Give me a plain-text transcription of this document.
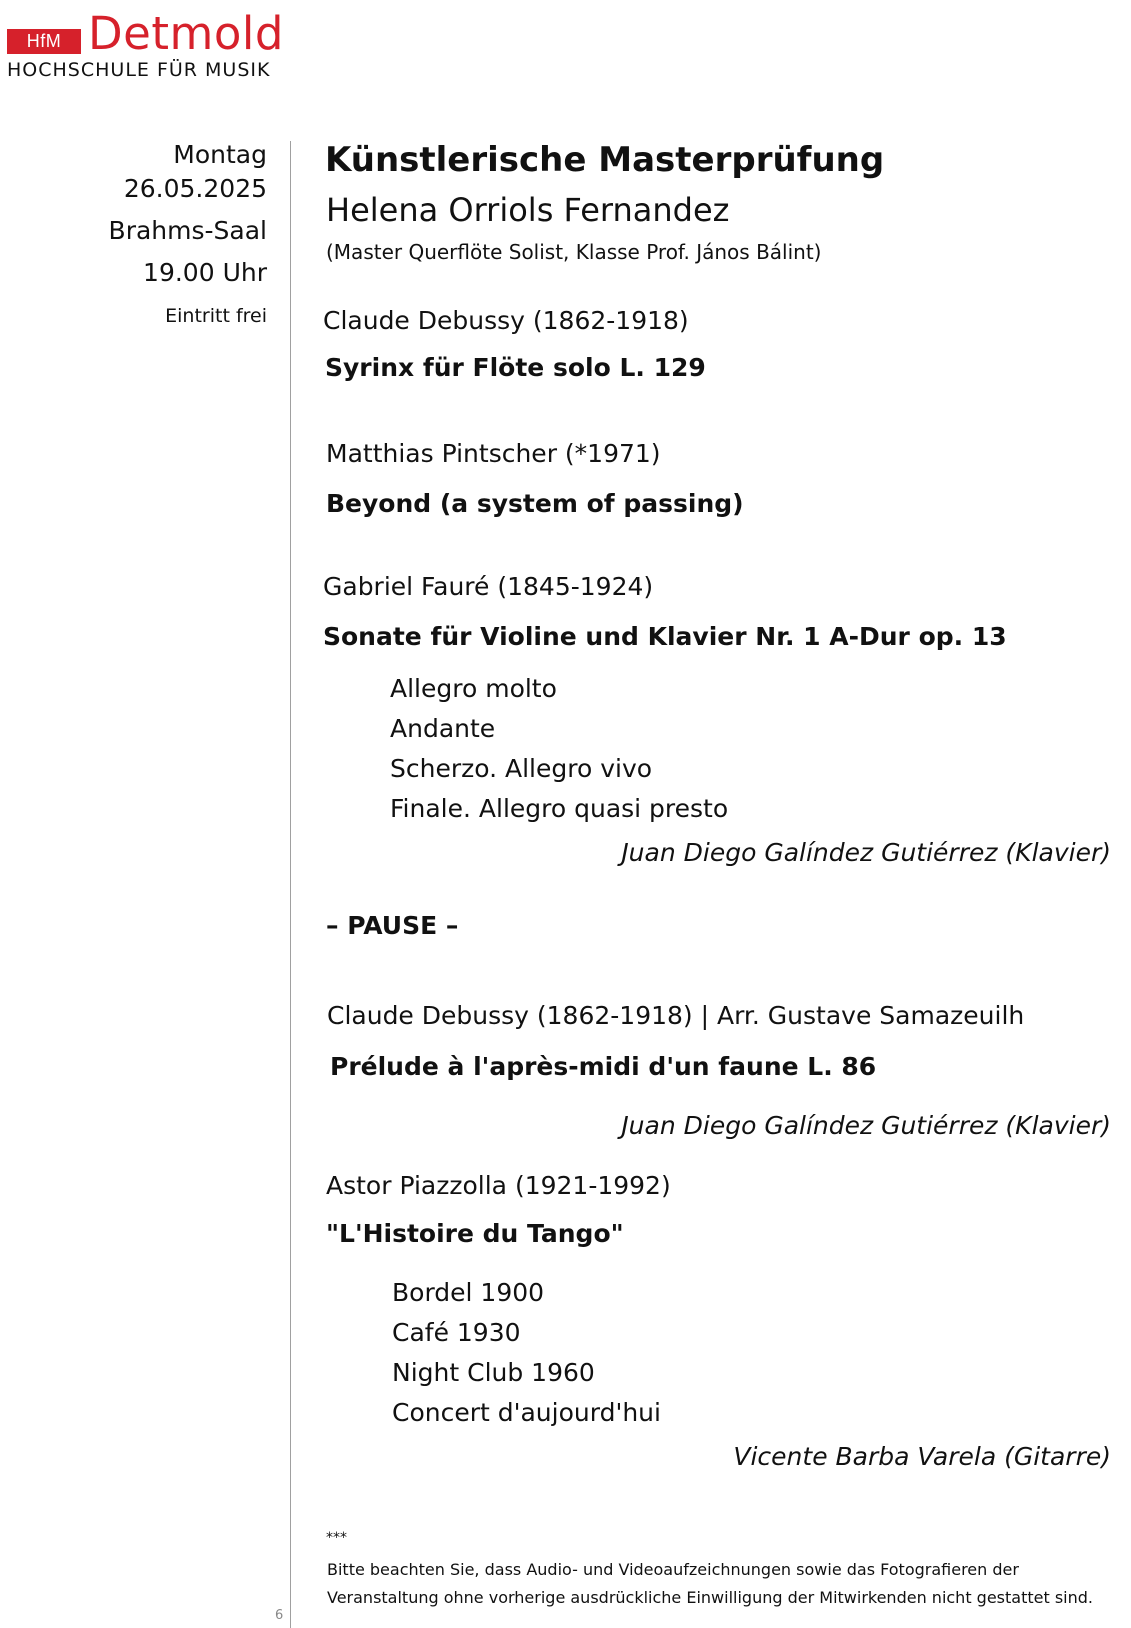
HfM Detmold
HOCHSCHULE FÜR MUSIK
Montag
26.05.2025
Brahms-Saal
19.00 Uhr
Eintritt frei
6
Künstlerische Masterprüfung
Helena Orriols Fernandez
(Master Querflöte Solist, Klasse Prof. János Bálint)
Claude Debussy (1862-1918)
Syrinx für Flöte solo L. 129
Matthias Pintscher (*1971)
Beyond (a system of passing)
Gabriel Fauré (1845-1924)
Sonate für Violine und Klavier Nr. 1 A-Dur op. 13
Allegro molto
Andante
Scherzo. Allegro vivo
Finale. Allegro quasi presto
Juan Diego Galíndez Gutiérrez (Klavier)
– PAUSE –
Claude Debussy (1862-1918) | Arr. Gustave Samazeuilh
Prélude à l'après-midi d'un faune L. 86
Juan Diego Galíndez Gutiérrez (Klavier)
Astor Piazzolla (1921-1992)
"L'Histoire du Tango"
Bordel 1900
Café 1930
Night Club 1960
Concert d'aujourd'hui
Vicente Barba Varela (Gitarre)
***
Bitte beachten Sie, dass Audio- und Videoaufzeichnungen sowie das Fotografieren der
Veranstaltung ohne vorherige ausdrückliche Einwilligung der Mitwirkenden nicht gestattet sind.
